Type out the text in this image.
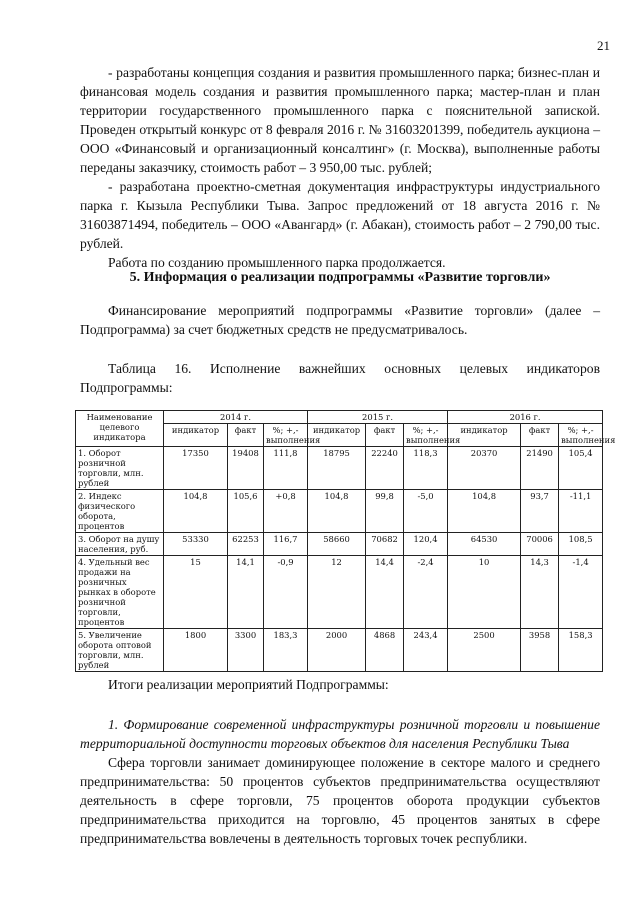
21

- разработаны концепция создания и развития промышленного парка; бизнес-план и финансовая модель создания и развития промышленного парка; мастер-план и план территории государственного промышленного парка с пояснительной запиской. Проведен открытый конкурс от 8 февраля 2016 г. № 31603201399, победитель аукциона – ООО «Финансовый и организационный консалтинг» (г. Москва), выполненные работы переданы заказчику, стоимость работ – 3 950,00 тыс. рублей;

- разработана проектно-сметная документация инфраструктуры индустриального парка г. Кызыла Республики Тыва. Запрос предложений от 18 августа 2016 г. № 31603871494, победитель – ООО «Авангард» (г. Абакан), стоимость работ – 2 790,00 тыс. рублей.

Работа по созданию промышленного парка продолжается.

5. Информация о реализации подпрограммы «Развитие торговли»

Финансирование мероприятий подпрограммы «Развитие торговли» (далее – Подпрограмма) за счет бюджетных средств не предусматривалось.

Таблица 16. Исполнение важнейших основных целевых индикаторов Подпрограммы:

Наименование целевого индикатора	2014 г.			2015 г.			2016 г.		
	индикатор	факт	%; +,- выполнения	индикатор	факт	%; +,- выполнения	индикатор	факт	%; +,- выполнения
1. Оборот розничной торговли, млн. рублей	17350	19408	111,8	18795	22240	118,3	20370	21490	105,4
2. Индекс физического оборота, процентов	104,8	105,6	+0,8	104,8	99,8	-5,0	104,8	93,7	-11,1
3. Оборот на душу населения, руб.	53330	62253	116,7	58660	70682	120,4	64530	70006	108,5
4. Удельный вес продажи на розничных рынках в обороте розничной торговли, процентов	15	14,1	-0,9	12	14,4	-2,4	10	14,3	-1,4
5. Увеличение оборота оптовой торговли, млн. рублей	1800	3300	183,3	2000	4868	243,4	2500	3958	158,3
Итоги реализации мероприятий Подпрограммы:

1. Формирование современной инфраструктуры розничной торговли и повышение территориальной доступности торговых объектов для населения Республики Тыва

Сфера торговли занимает доминирующее положение в секторе малого и среднего предпринимательства: 50 процентов субъектов предпринимательства осуществляют деятельность в сфере торговли, 75 процентов оборота продукции субъектов предпринимательства приходится на торговлю, 45 процентов занятых в сфере предпринимательства вовлечены в деятельность торговых точек республики.
